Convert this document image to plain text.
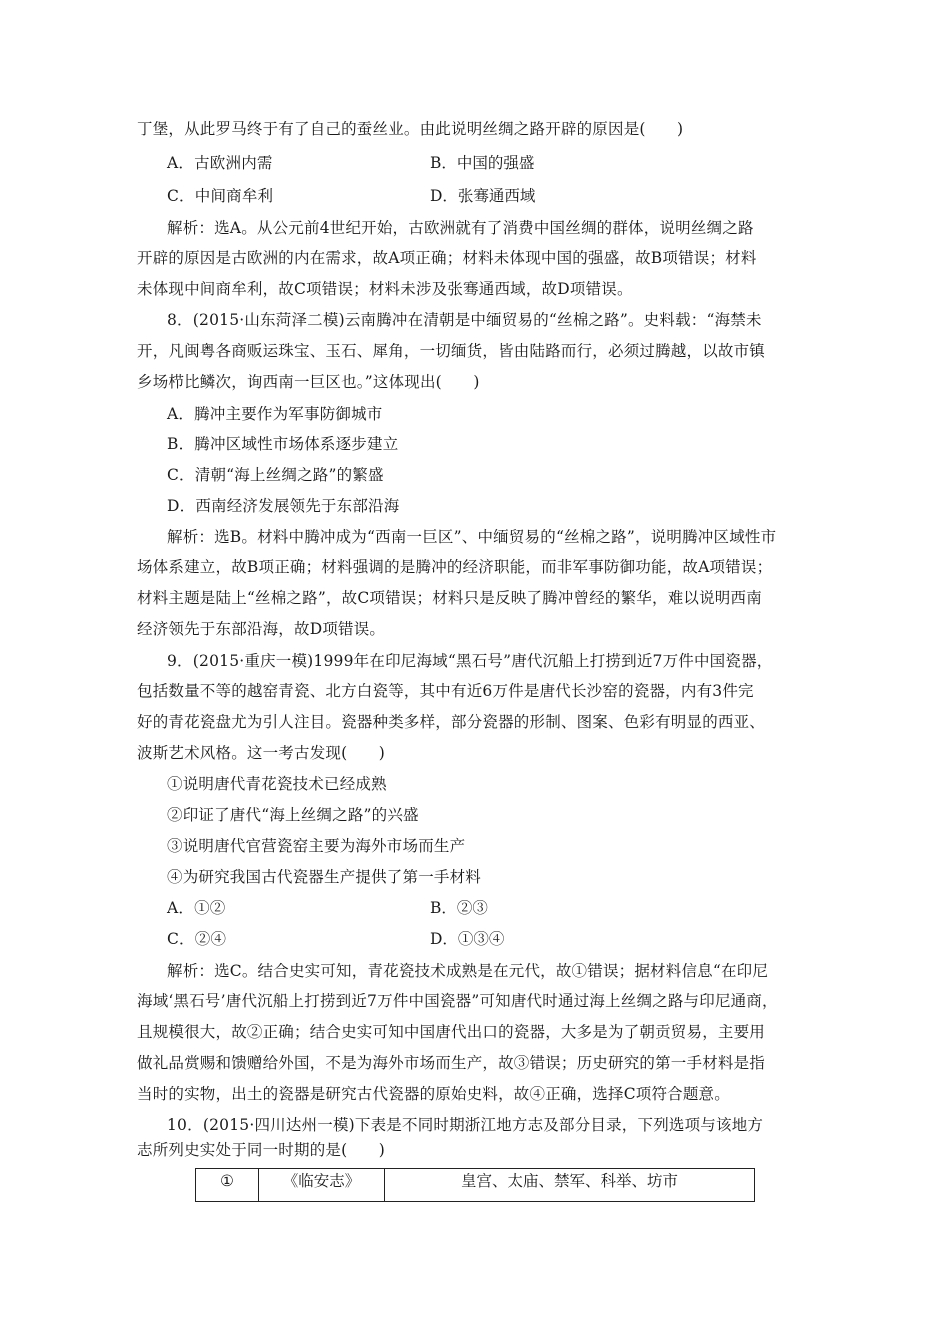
丁堡，从此罗马终于有了自己的蚕丝业。由此说明丝绸之路开辟的原因是(　　)
A．古欧洲内需	B．中国的强盛
C．中间商牟利	D．张骞通西域
解析：选A。从公元前4世纪开始，古欧洲就有了消费中国丝绸的群体，说明丝绸之路
开辟的原因是古欧洲的内在需求，故A项正确；材料未体现中国的强盛，故B项错误；材料
未体现中间商牟利，故C项错误；材料未涉及张骞通西域，故D项错误。
8．(2015·山东菏泽二模)云南腾冲在清朝是中缅贸易的“丝棉之路”。史料载：“海禁未
开，凡闽粤各商贩运珠宝、玉石、犀角，一切缅货，皆由陆路而行，必须过腾越，以故市镇
乡场栉比鳞次，询西南一巨区也。”这体现出(　　)
A．腾冲主要作为军事防御城市
B．腾冲区域性市场体系逐步建立
C．清朝“海上丝绸之路”的繁盛
D．西南经济发展领先于东部沿海
解析：选B。材料中腾冲成为“西南一巨区”、中缅贸易的“丝棉之路”，说明腾冲区域性市
场体系建立，故B项正确；材料强调的是腾冲的经济职能，而非军事防御功能，故A项错误；
材料主题是陆上“丝棉之路”，故C项错误；材料只是反映了腾冲曾经的繁华，难以说明西南
经济领先于东部沿海，故D项错误。
9．(2015·重庆一模)1999年在印尼海域“黑石号”唐代沉船上打捞到近7万件中国瓷器，
包括数量不等的越窑青瓷、北方白瓷等，其中有近6万件是唐代长沙窑的瓷器，内有3件完
好的青花瓷盘尤为引人注目。瓷器种类多样，部分瓷器的形制、图案、色彩有明显的西亚、
波斯艺术风格。这一考古发现(　　)
①说明唐代青花瓷技术已经成熟
②印证了唐代“海上丝绸之路”的兴盛
③说明唐代官营瓷窑主要为海外市场而生产
④为研究我国古代瓷器生产提供了第一手材料
A．①②	B．②③
C．②④	D．①③④
解析：选C。结合史实可知，青花瓷技术成熟是在元代，故①错误；据材料信息“在印尼
海域‘黑石号’唐代沉船上打捞到近7万件中国瓷器”可知唐代时通过海上丝绸之路与印尼通商，
且规模很大，故②正确；结合史实可知中国唐代出口的瓷器，大多是为了朝贡贸易，主要用
做礼品赏赐和馈赠给外国，不是为海外市场而生产，故③错误；历史研究的第一手材料是指
当时的实物，出土的瓷器是研究古代瓷器的原始史料，故④正确，选择C项符合题意。
10．(2015·四川达州一模)下表是不同时期浙江地方志及部分目录，下列选项与该地方
志所列史实处于同一时期的是(　　)
①	《临安志》	皇宫、太庙、禁军、科举、坊市
